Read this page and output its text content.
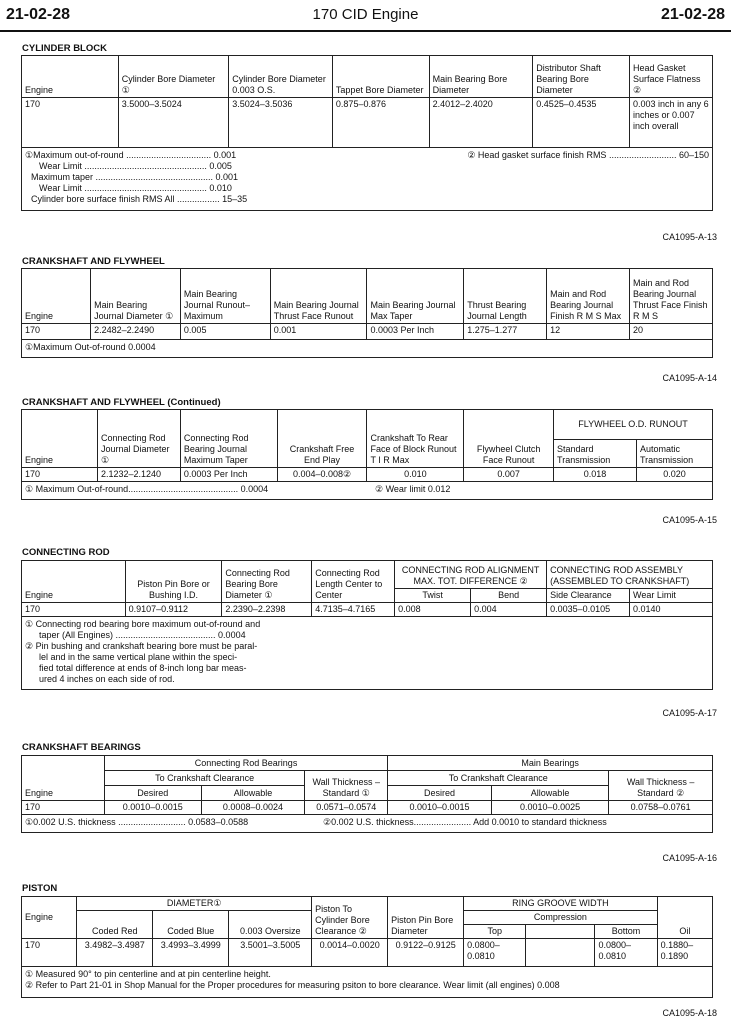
21-02-28	170 CID Engine	21-02-28
CYLINDER BLOCK
Engine	Cylinder Bore Diameter ①	Cylinder Bore Diameter 0.003 O.S.	Tappet Bore Diameter	Main Bearing Bore Diameter	Distributor Shaft Bearing Bore Diameter	Head Gasket Surface Flatness ②
170	3.5000–3.5024	3.5024–3.5036	0.875–0.876	2.4012–2.4020	0.4525–0.4535	0.003 inch in any 6 inches or 0.007 inch overall
①Maximum out-of-round .................................. 0.001
Wear Limit ................................................. 0.005
Maximum taper ............................................... 0.001
Wear Limit ................................................. 0.010
Cylinder bore surface finish RMS All ................. 15–35
② Head gasket surface finish RMS ........................... 60–150
CA1095-A-13
CRANKSHAFT AND FLYWHEEL
Engine	Main Bearing Journal Diameter ①	Main Bearing Journal Runout– Maximum	Main Bearing Journal Thrust Face Runout	Main Bearing Journal Max Taper	Thrust Bearing Journal Length	Main and Rod Bearing Journal Finish R M S Max	Main and Rod Bearing Journal Thrust Face Finish R M S
170	2.2482–2.2490	0.005	0.001	0.0003 Per Inch	1.275–1.277	12	20
①Maximum Out-of-round 0.0004
CA1095-A-14
CRANKSHAFT AND FLYWHEEL (Continued)
Engine	Connecting Rod Journal Diameter ①	Connecting Rod Bearing Journal Maximum Taper	Crankshaft Free End Play	Crankshaft To Rear Face of Block Runout T I R Max	Flywheel Clutch Face Runout	FLYWHEEL O.D. RUNOUT	
						Standard Transmission	Automatic Transmission
170	2.1232–2.1240	0.0003 Per Inch	0.004–0.008②	0.010	0.007	0.018	0.020
① Maximum Out-of-round............................................ 0.0004	② Wear limit 0.012
CA1095-A-15
CONNECTING ROD
Engine	Piston Pin Bore or Bushing I.D.	Connecting Rod Bearing Bore Diameter ①	Connecting Rod Length Center to Center	CONNECTING ROD ALIGNMENT MAX. TOT. DIFFERENCE ②		CONNECTING ROD ASSEMBLY (ASSEMBLED TO CRANKSHAFT)	
				Twist	Bend	Side Clearance	Wear Limit
170	0.9107–0.9112	2.2390–2.2398	4.7135–4.7165	0.008	0.004	0.0035–0.0105	0.0140
① Connecting rod bearing bore maximum out-of-round and
taper (All Engines) ........................................ 0.0004
② Pin bushing and crankshaft bearing bore must be paral-
lel and in the same vertical plane within the speci-
fied total difference at ends of 8-inch long bar meas-
ured 4 inches on each side of rod.
CA1095-A-17
CRANKSHAFT BEARINGS
Engine	Connecting Rod Bearings			Main Bearings		
	To Crankshaft Clearance		Wall Thickness –Standard ①	To Crankshaft Clearance		Wall Thickness –Standard ②
	Desired	Allowable		Desired	Allowable	
170	0.0010–0.0015	0.0008–0.0024	0.0571–0.0574	0.0010–0.0015	0.0010–0.0025	0.0758–0.0761
①0.002 U.S. thickness ........................... 0.0583–0.0588	②0.002 U.S. thickness....................... Add 0.0010 to standard thickness
CA1095-A-16
PISTON
Engine	DIAMETER①			Piston To Cylinder Bore Clearance ②	Piston Pin Bore Diameter	RING GROOVE WIDTH			Oil
	Coded Red	Coded Blue	0.003 Oversize			Compression			
						Top		Bottom	
170	3.4982–3.4987	3.4993–3.4999	3.5001–3.5005	0.0014–0.0020	0.9122–0.9125	0.0800–0.0810		0.0800–0.0810	0.1880–0.1890
① Measured 90° to pin centerline and at pin centerline height.
② Refer to Part 21-01 in Shop Manual for the Proper procedures for measuring psiton to bore clearance. Wear limit (all engines) 0.008
CA1095-A-18
